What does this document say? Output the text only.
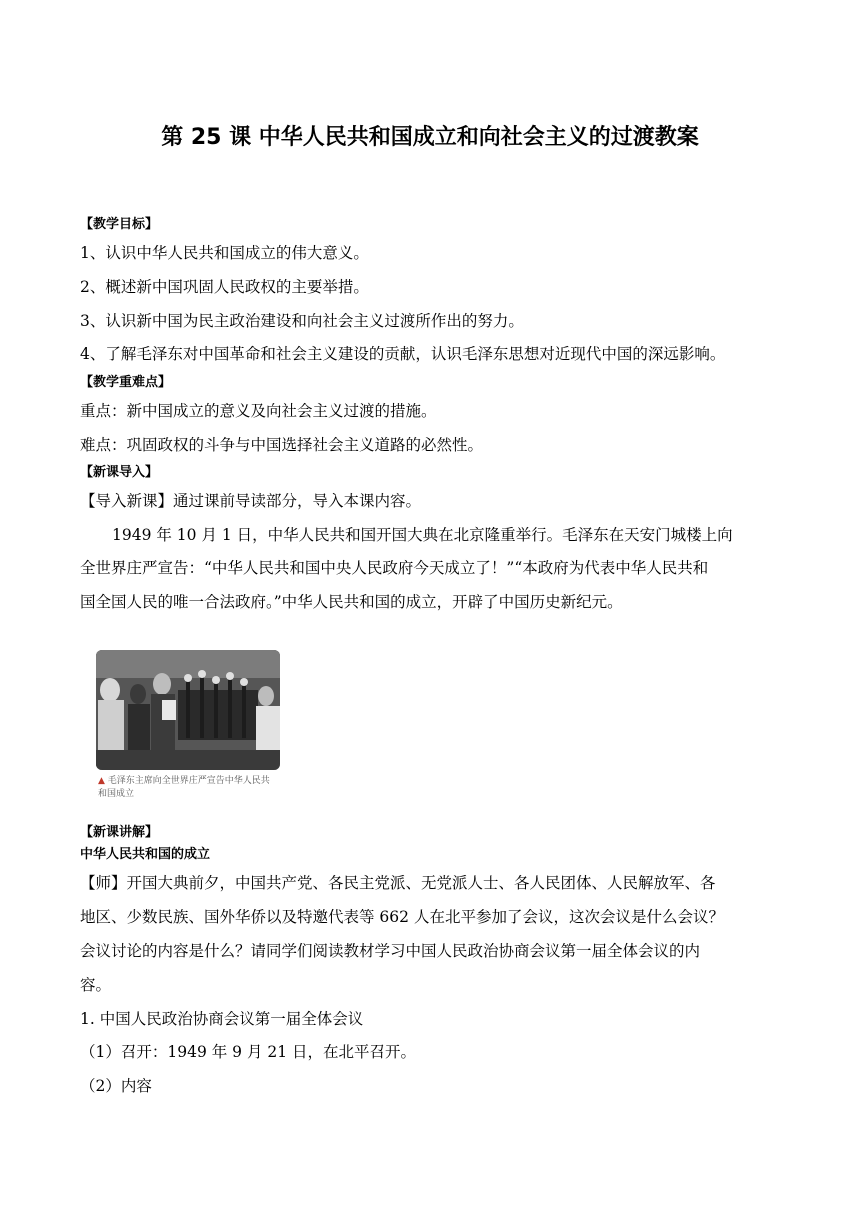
第 25 课 中华人民共和国成立和向社会主义的过渡教案
【教学目标】
1、认识中华人民共和国成立的伟大意义。
2、概述新中国巩固人民政权的主要举措。
3、认识新中国为民主政治建设和向社会主义过渡所作出的努力。
4、了解毛泽东对中国革命和社会主义建设的贡献，认识毛泽东思想对近现代中国的深远影响。
【教学重难点】
重点：新中国成立的意义及向社会主义过渡的措施。
难点：巩固政权的斗争与中国选择社会主义道路的必然性。
【新课导入】
【导入新课】通过课前导读部分，导入本课内容。
1949 年 10 月 1 日，中华人民共和国开国大典在北京隆重举行。毛泽东在天安门城楼上向
全世界庄严宣告：“中华人民共和国中央人民政府今天成立了！”“本政府为代表中华人民共和
国全国人民的唯一合法政府。”中华人民共和国的成立，开辟了中国历史新纪元。
▲ 毛泽东主席向全世界庄严宣告中华人民共和国成立
【新课讲解】
中华人民共和国的成立
【师】开国大典前夕，中国共产党、各民主党派、无党派人士、各人民团体、人民解放军、各
地区、少数民族、国外华侨以及特邀代表等 662 人在北平参加了会议，这次会议是什么会议？
会议讨论的内容是什么？请同学们阅读教材学习中国人民政治协商会议第一届全体会议的内
容。
1. 中国人民政治协商会议第一届全体会议
（1）召开：1949 年 9 月 21 日，在北平召开。
（2）内容
